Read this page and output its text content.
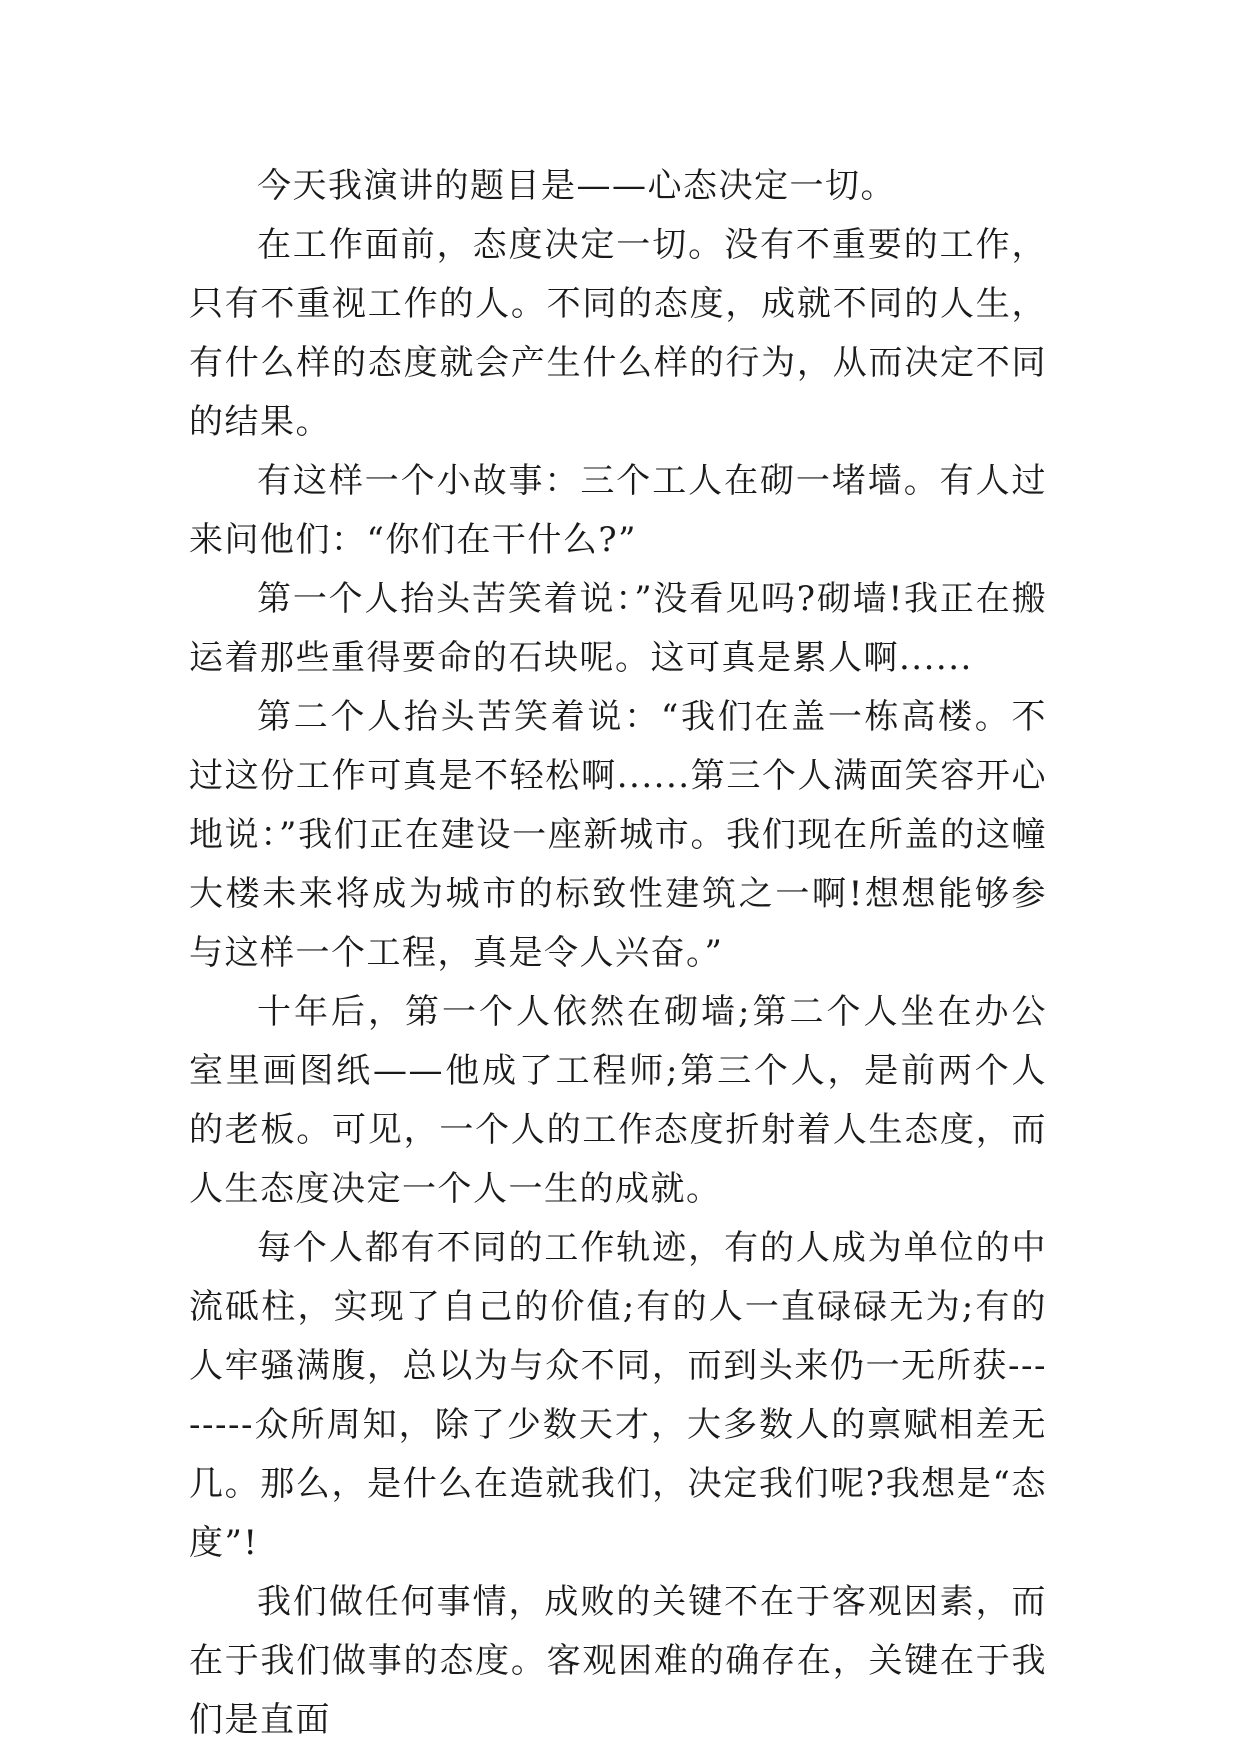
今天我演讲的题目是——心态决定一切。

在工作面前，态度决定一切。没有不重要的工作，只有不重视工作的人。不同的态度，成就不同的人生，有什么样的态度就会产生什么样的行为，从而决定不同的结果。

有这样一个小故事：三个工人在砌一堵墙。有人过来问他们：“你们在干什么?”

第一个人抬头苦笑着说：”没看见吗?砌墙!我正在搬运着那些重得要命的石块呢。这可真是累人啊......

第二个人抬头苦笑着说：“我们在盖一栋高楼。不过这份工作可真是不轻松啊......第三个人满面笑容开心地说：”我们正在建设一座新城市。我们现在所盖的这幢大楼未来将成为城市的标致性建筑之一啊!想想能够参与这样一个工程，真是令人兴奋。”

十年后，第一个人依然在砌墙;第二个人坐在办公室里画图纸——他成了工程师;第三个人，是前两个人的老板。可见，一个人的工作态度折射着人生态度，而人生态度决定一个人一生的成就。

每个人都有不同的工作轨迹，有的人成为单位的中流砥柱，实现了自己的价值;有的人一直碌碌无为;有的人牢骚满腹，总以为与众不同，而到头来仍一无所获--------众所周知，除了少数天才，大多数人的禀赋相差无几。那么，是什么在造就我们，决定我们呢?我想是“态度”!

我们做任何事情，成败的关键不在于客观因素，而在于我们做事的态度。客观困难的确存在，关键在于我们是直面
